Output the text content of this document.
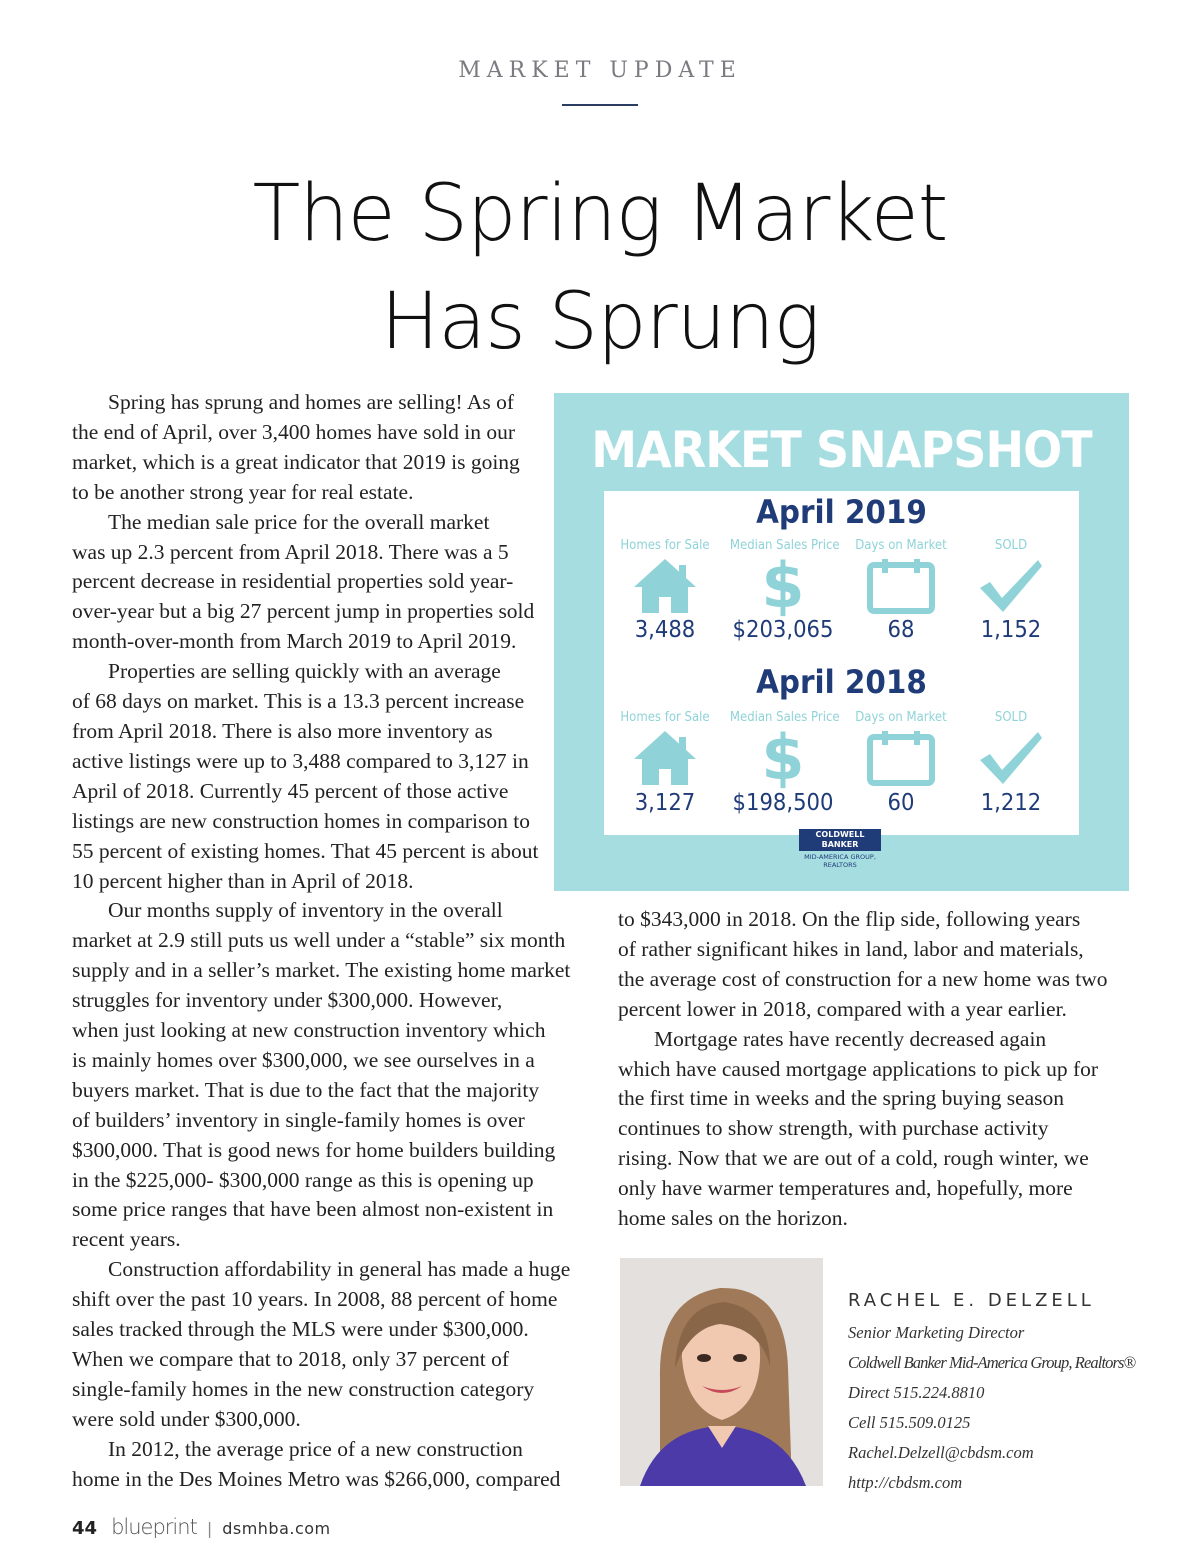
MARKET UPDATE
The Spring Market
Has Sprung

Spring has sprung and homes are selling! As of
the end of April, over 3,400 homes have sold in our
market, which is a great indicator that 2019 is going
to be another strong year for real estate.

The median sale price for the overall market
was up 2.3 percent from April 2018. There was a 5
percent decrease in residential properties sold year-
over-year but a big 27 percent jump in properties sold
month-over-month from March 2019 to April 2019.

Properties are selling quickly with an average
of 68 days on market. This is a 13.3 percent increase
from April 2018. There is also more inventory as
active listings were up to 3,488 compared to 3,127 in
April of 2018. Currently 45 percent of those active
listings are new construction homes in comparison to
55 percent of existing homes. That 45 percent is about
10 percent higher than in April of 2018.

Our months supply of inventory in the overall
market at 2.9 still puts us well under a “stable” six month
supply and in a seller’s market. The existing home market
struggles for inventory under $300,000. However,
when just looking at new construction inventory which
is mainly homes over $300,000, we see ourselves in a
buyers market. That is due to the fact that the majority
of builders’ inventory in single-family homes is over
$300,000. That is good news for home builders building
in the $225,000- $300,000 range as this is opening up
some price ranges that have been almost non-existent in
recent years.

Construction affordability in general has made a huge
shift over the past 10 years. In 2008, 88 percent of home
sales tracked through the MLS were under $300,000.
When we compare that to 2018, only 37 percent of
single-family homes in the new construction category
were sold under $300,000.

In 2012, the average price of a new construction
home in the Des Moines Metro was $266,000, compared

to $343,000 in 2018. On the flip side, following years
of rather significant hikes in land, labor and materials,
the average cost of construction for a new home was two
percent lower in 2018, compared with a year earlier.

Mortgage rates have recently decreased again
which have caused mortgage applications to pick up for
the first time in weeks and the spring buying season
continues to show strength, with purchase activity
rising. Now that we are out of a cold, rough winter, we
only have warmer temperatures and, hopefully, more
home sales on the horizon.

MARKET SNAPSHOT
April 2019
Homes for Sale	Median Sales Price	Days on Market	SOLD
$
3,488	$203,065	68	1,152
April 2018
Homes for Sale	Median Sales Price	Days on Market	SOLD
$
3,127	$198,500	60	1,212
COLDWELL
BANKER
MID-AMERICA GROUP,
REALTORS
RACHEL E. DELZELL
Senior Marketing Director
Coldwell Banker Mid-America Group, Realtors®
Direct 515.224.8810
Cell 515.509.0125
Rachel.Delzell@cbdsm.com
http://cbdsm.com
44 blueprint | dsmhba.com
